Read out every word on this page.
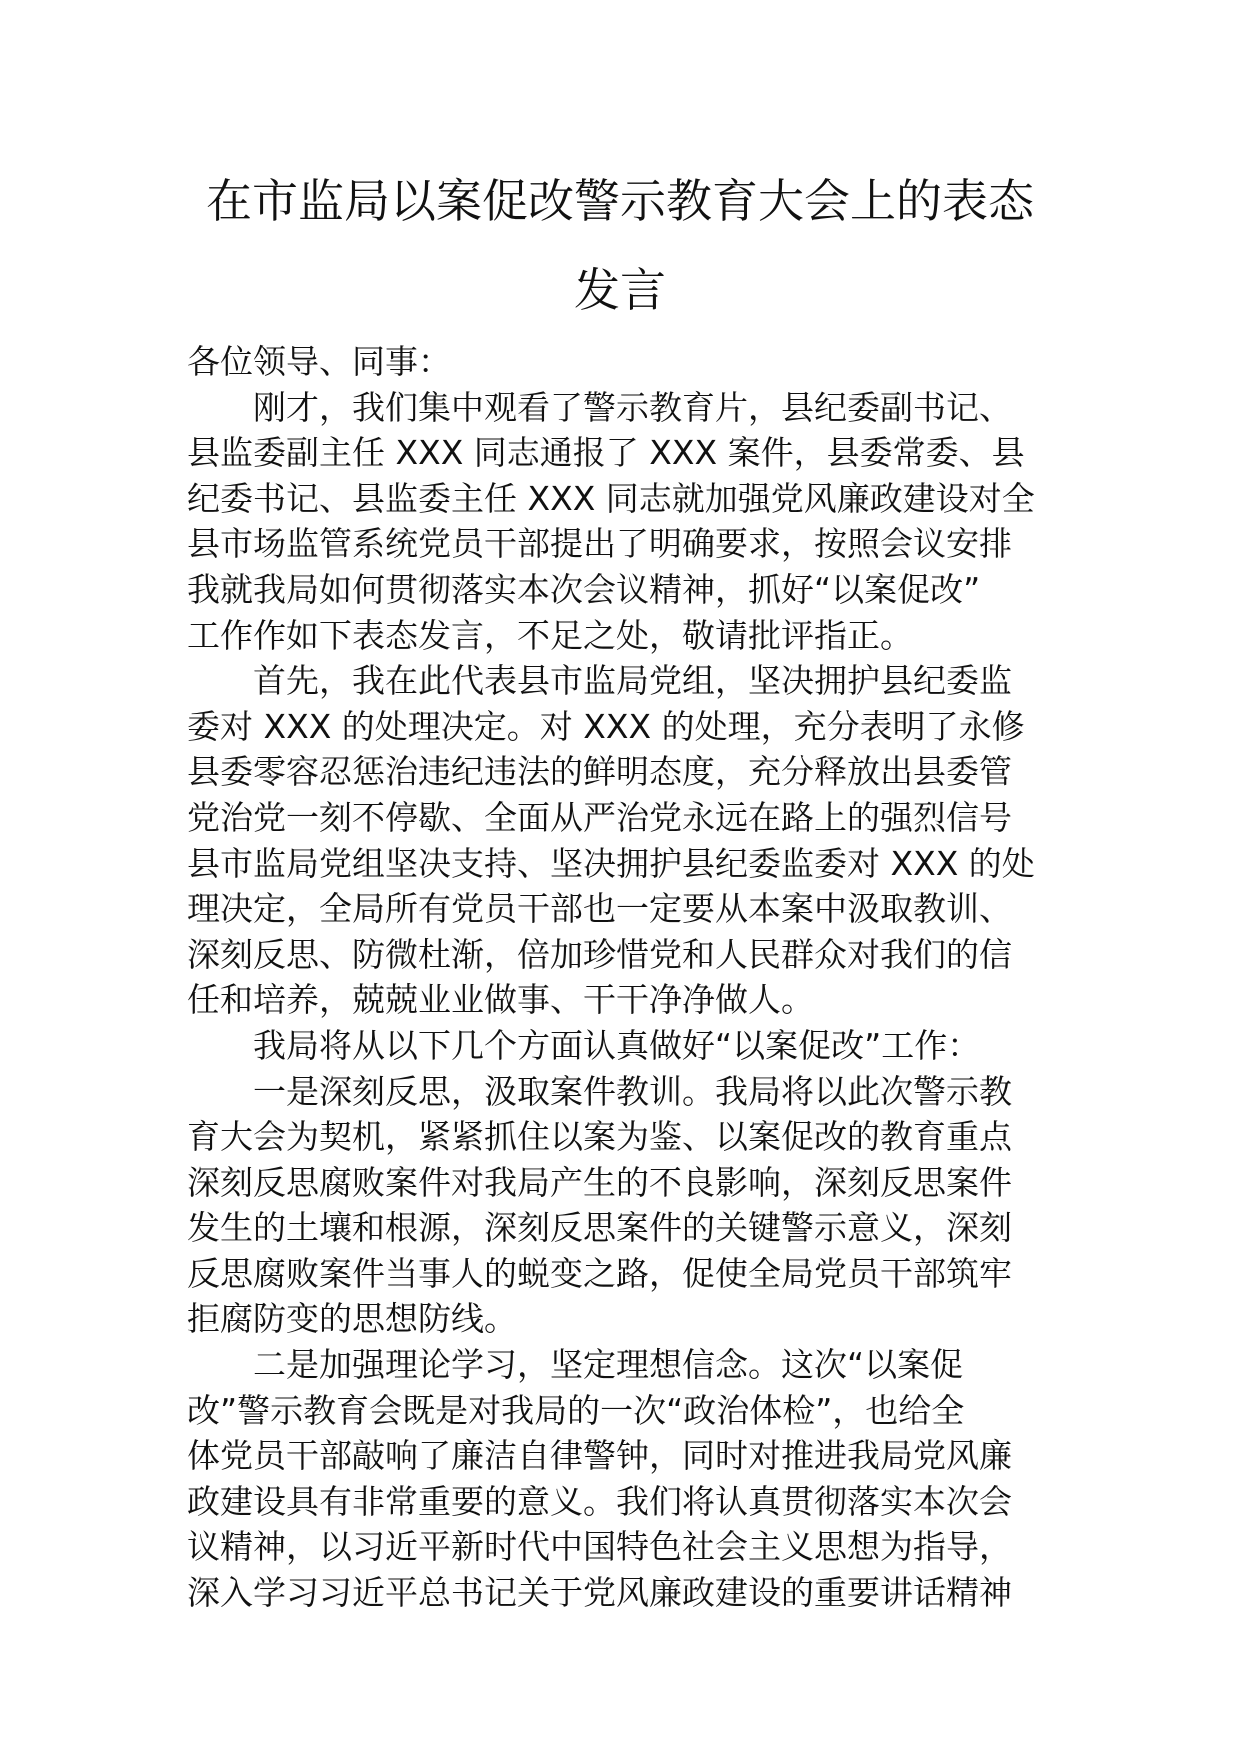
在市监局以案促改警示教育大会上的表态
发言
各位领导、同事：
刚才，我们集中观看了警示教育片，县纪委副书记、
县监委副主任 XXX 同志通报了 XXX 案件，县委常委、县
纪委书记、县监委主任 XXX 同志就加强党风廉政建设对全
县市场监管系统党员干部提出了明确要求，按照会议安排
我就我局如何贯彻落实本次会议精神，抓好“以案促改”
工作作如下表态发言，不足之处，敬请批评指正。
首先，我在此代表县市监局党组，坚决拥护县纪委监
委对 XXX 的处理决定。对 XXX 的处理，充分表明了永修
县委零容忍惩治违纪违法的鲜明态度，充分释放出县委管
党治党一刻不停歇、全面从严治党永远在路上的强烈信号
县市监局党组坚决支持、坚决拥护县纪委监委对 XXX 的处
理决定，全局所有党员干部也一定要从本案中汲取教训、
深刻反思、防微杜渐，倍加珍惜党和人民群众对我们的信
任和培养，兢兢业业做事、干干净净做人。
我局将从以下几个方面认真做好“以案促改”工作：
一是深刻反思，汲取案件教训。我局将以此次警示教
育大会为契机，紧紧抓住以案为鉴、以案促改的教育重点
深刻反思腐败案件对我局产生的不良影响，深刻反思案件
发生的土壤和根源，深刻反思案件的关键警示意义，深刻
反思腐败案件当事人的蜕变之路，促使全局党员干部筑牢
拒腐防变的思想防线。
二是加强理论学习，坚定理想信念。这次“以案促
改”警示教育会既是对我局的一次“政治体检”，也给全
体党员干部敲响了廉洁自律警钟，同时对推进我局党风廉
政建设具有非常重要的意义。我们将认真贯彻落实本次会
议精神，以习近平新时代中国特色社会主义思想为指导，
深入学习习近平总书记关于党风廉政建设的重要讲话精神
